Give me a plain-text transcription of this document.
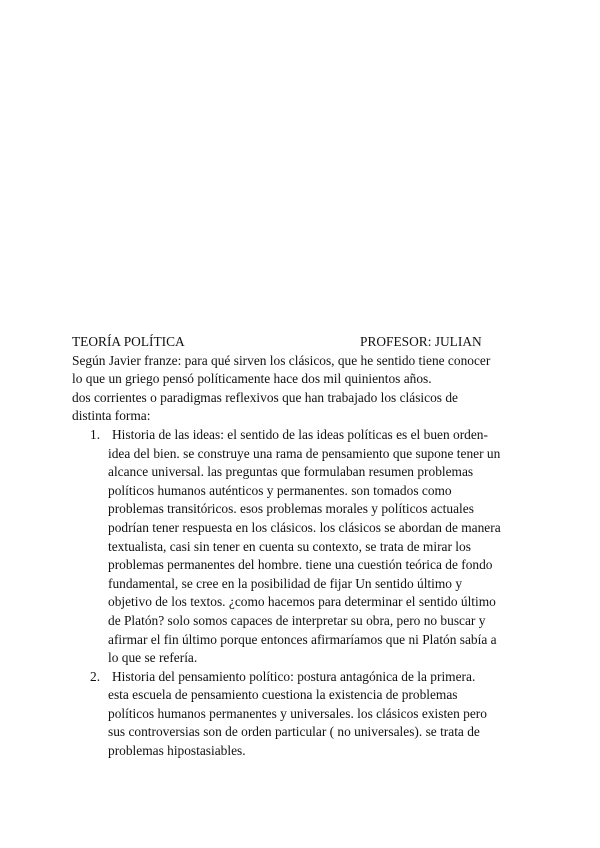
TEORÍA POLÍTICA	PROFESOR: JULIAN
Según Javier franze: para qué sirven los clásicos, que he sentido tiene conocer
lo que un griego pensó políticamente hace dos mil quinientos años.
dos corrientes o paradigmas reflexivos que han trabajado los clásicos de
distinta forma:
1. Historia de las ideas: el sentido de las ideas políticas es el buen orden-
idea del bien. se construye una rama de pensamiento que supone tener un
alcance universal. las preguntas que formulaban resumen problemas
políticos humanos auténticos y permanentes. son tomados como
problemas transitóricos. esos problemas morales y políticos actuales
podrían tener respuesta en los clásicos. los clásicos se abordan de manera
textualista, casi sin tener en cuenta su contexto, se trata de mirar los
problemas permanentes del hombre. tiene una cuestión teórica de fondo
fundamental, se cree en la posibilidad de fijar Un sentido último y
objetivo de los textos. ¿como hacemos para determinar el sentido último
de Platón? solo somos capaces de interpretar su obra, pero no buscar y
afirmar el fin último porque entonces afirmaríamos que ni Platón sabía a
lo que se refería.
2. Historia del pensamiento político: postura antagónica de la primera.
esta escuela de pensamiento cuestiona la existencia de problemas
políticos humanos permanentes y universales. los clásicos existen pero
sus controversias son de orden particular ( no universales). se trata de
problemas hipostasiables.
